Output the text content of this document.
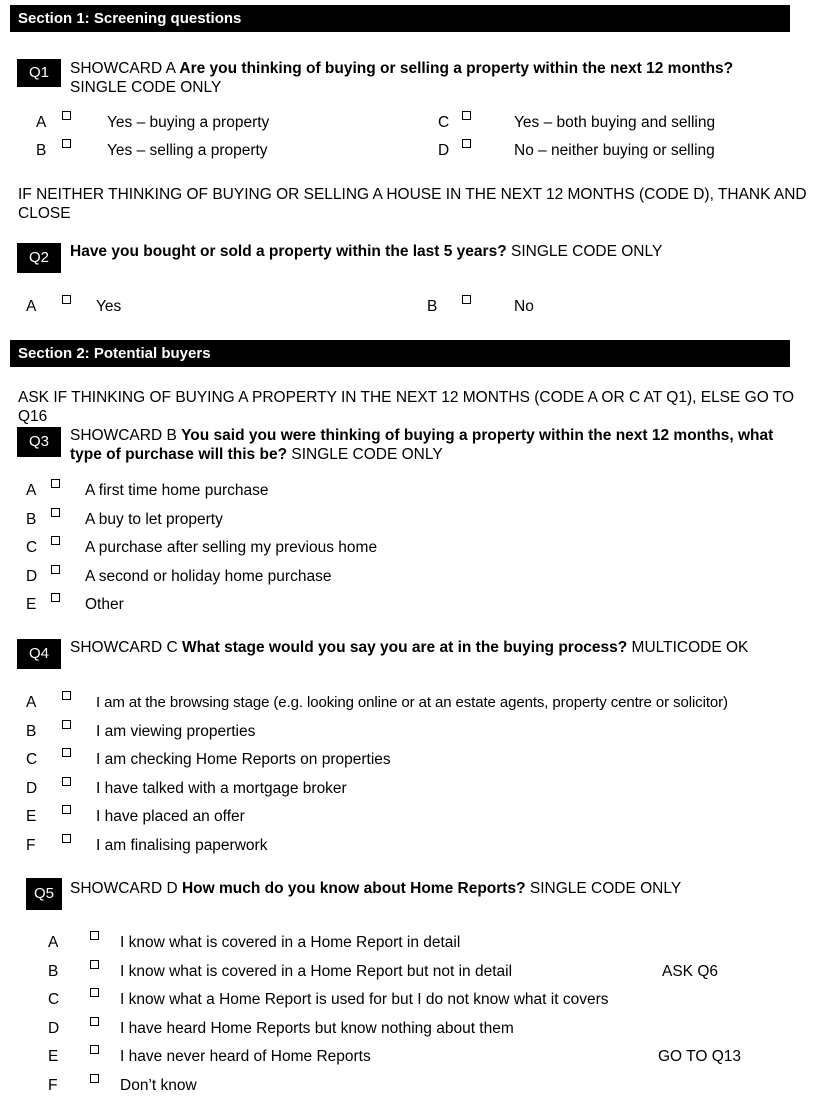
Section 1: Screening questions
Q1	SHOWCARD A Are you thinking of buying or selling a property within the next 12 months? SINGLE CODE ONLY
A	Yes – buying a property
B	Yes – selling a property
C	Yes – both buying and selling
D	No – neither buying or selling
IF NEITHER THINKING OF BUYING OR SELLING A HOUSE IN THE NEXT 12 MONTHS (CODE D), THANK AND CLOSE
Q2	Have you bought or sold a property within the last 5 years? SINGLE CODE ONLY
A	Yes	B	No
Section 2: Potential buyers
ASK IF THINKING OF BUYING A PROPERTY IN THE NEXT 12 MONTHS (CODE A OR C AT Q1), ELSE GO TO Q16
Q3	SHOWCARD B You said you were thinking of buying a property within the next 12 months, what type of purchase will this be? SINGLE CODE ONLY
A	A first time home purchase
B	A buy to let property
C	A purchase after selling my previous home
D	A second or holiday home purchase
E	Other
Q4	SHOWCARD C What stage would you say you are at in the buying process? MULTICODE OK
A	I am at the browsing stage (e.g. looking online or at an estate agents, property centre or solicitor)
B	I am viewing properties
C	I am checking Home Reports on properties
D	I have talked with a mortgage broker
E	I have placed an offer
F	I am finalising paperwork
Q5	SHOWCARD D How much do you know about Home Reports? SINGLE CODE ONLY
A	I know what is covered in a Home Report in detail
B	I know what is covered in a Home Report but not in detail	ASK Q6
C	I know what a Home Report is used for but I do not know what it covers
D	I have heard Home Reports but know nothing about them
E	I have never heard of Home Reports	GO TO Q13
F	Don’t know
